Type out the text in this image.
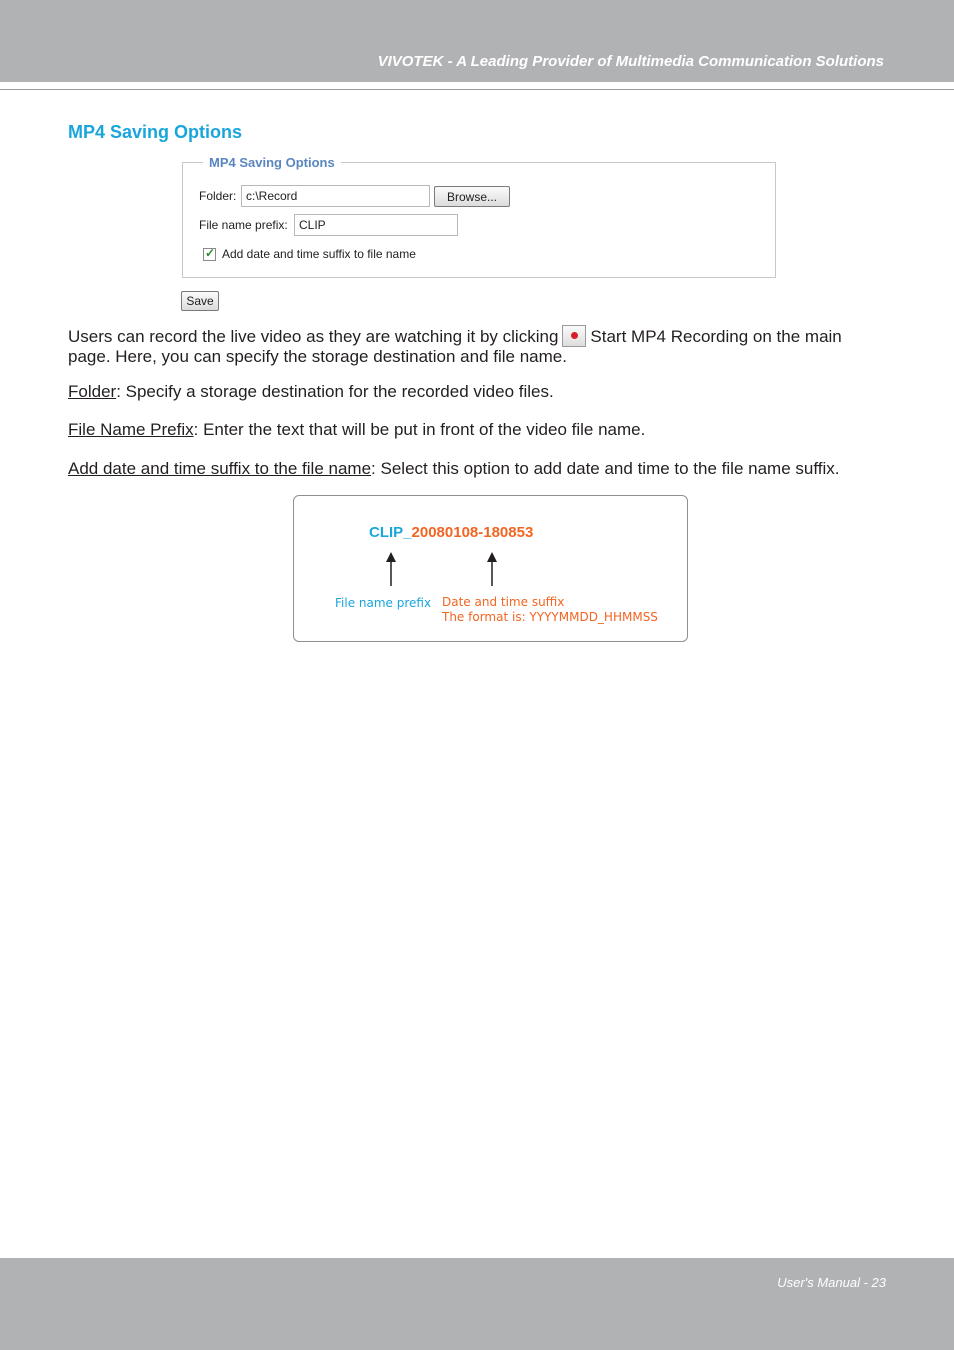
VIVOTEK - A Leading Provider of Multimedia Communication Solutions
MP4 Saving Options
MP4 Saving Options
Folder:
c:\Record	Browse...
File name prefix:
CLIP
✓ Add date and time suffix to file name
Save
Users can record the live video as they are watching it by clicking Start MP4 Recording on the main page. Here, you can specify the storage destination and file name.
Folder: Specify a storage destination for the recorded video files.
File Name Prefix: Enter the text that will be put in front of the video file name.
Add date and time suffix to the file name: Select this option to add date and time to the file name suffix.
CLIP_20080108-180853
File name prefix Date and time suffix
The format is: YYYYMMDD_HHMMSS
User's Manual - 23
